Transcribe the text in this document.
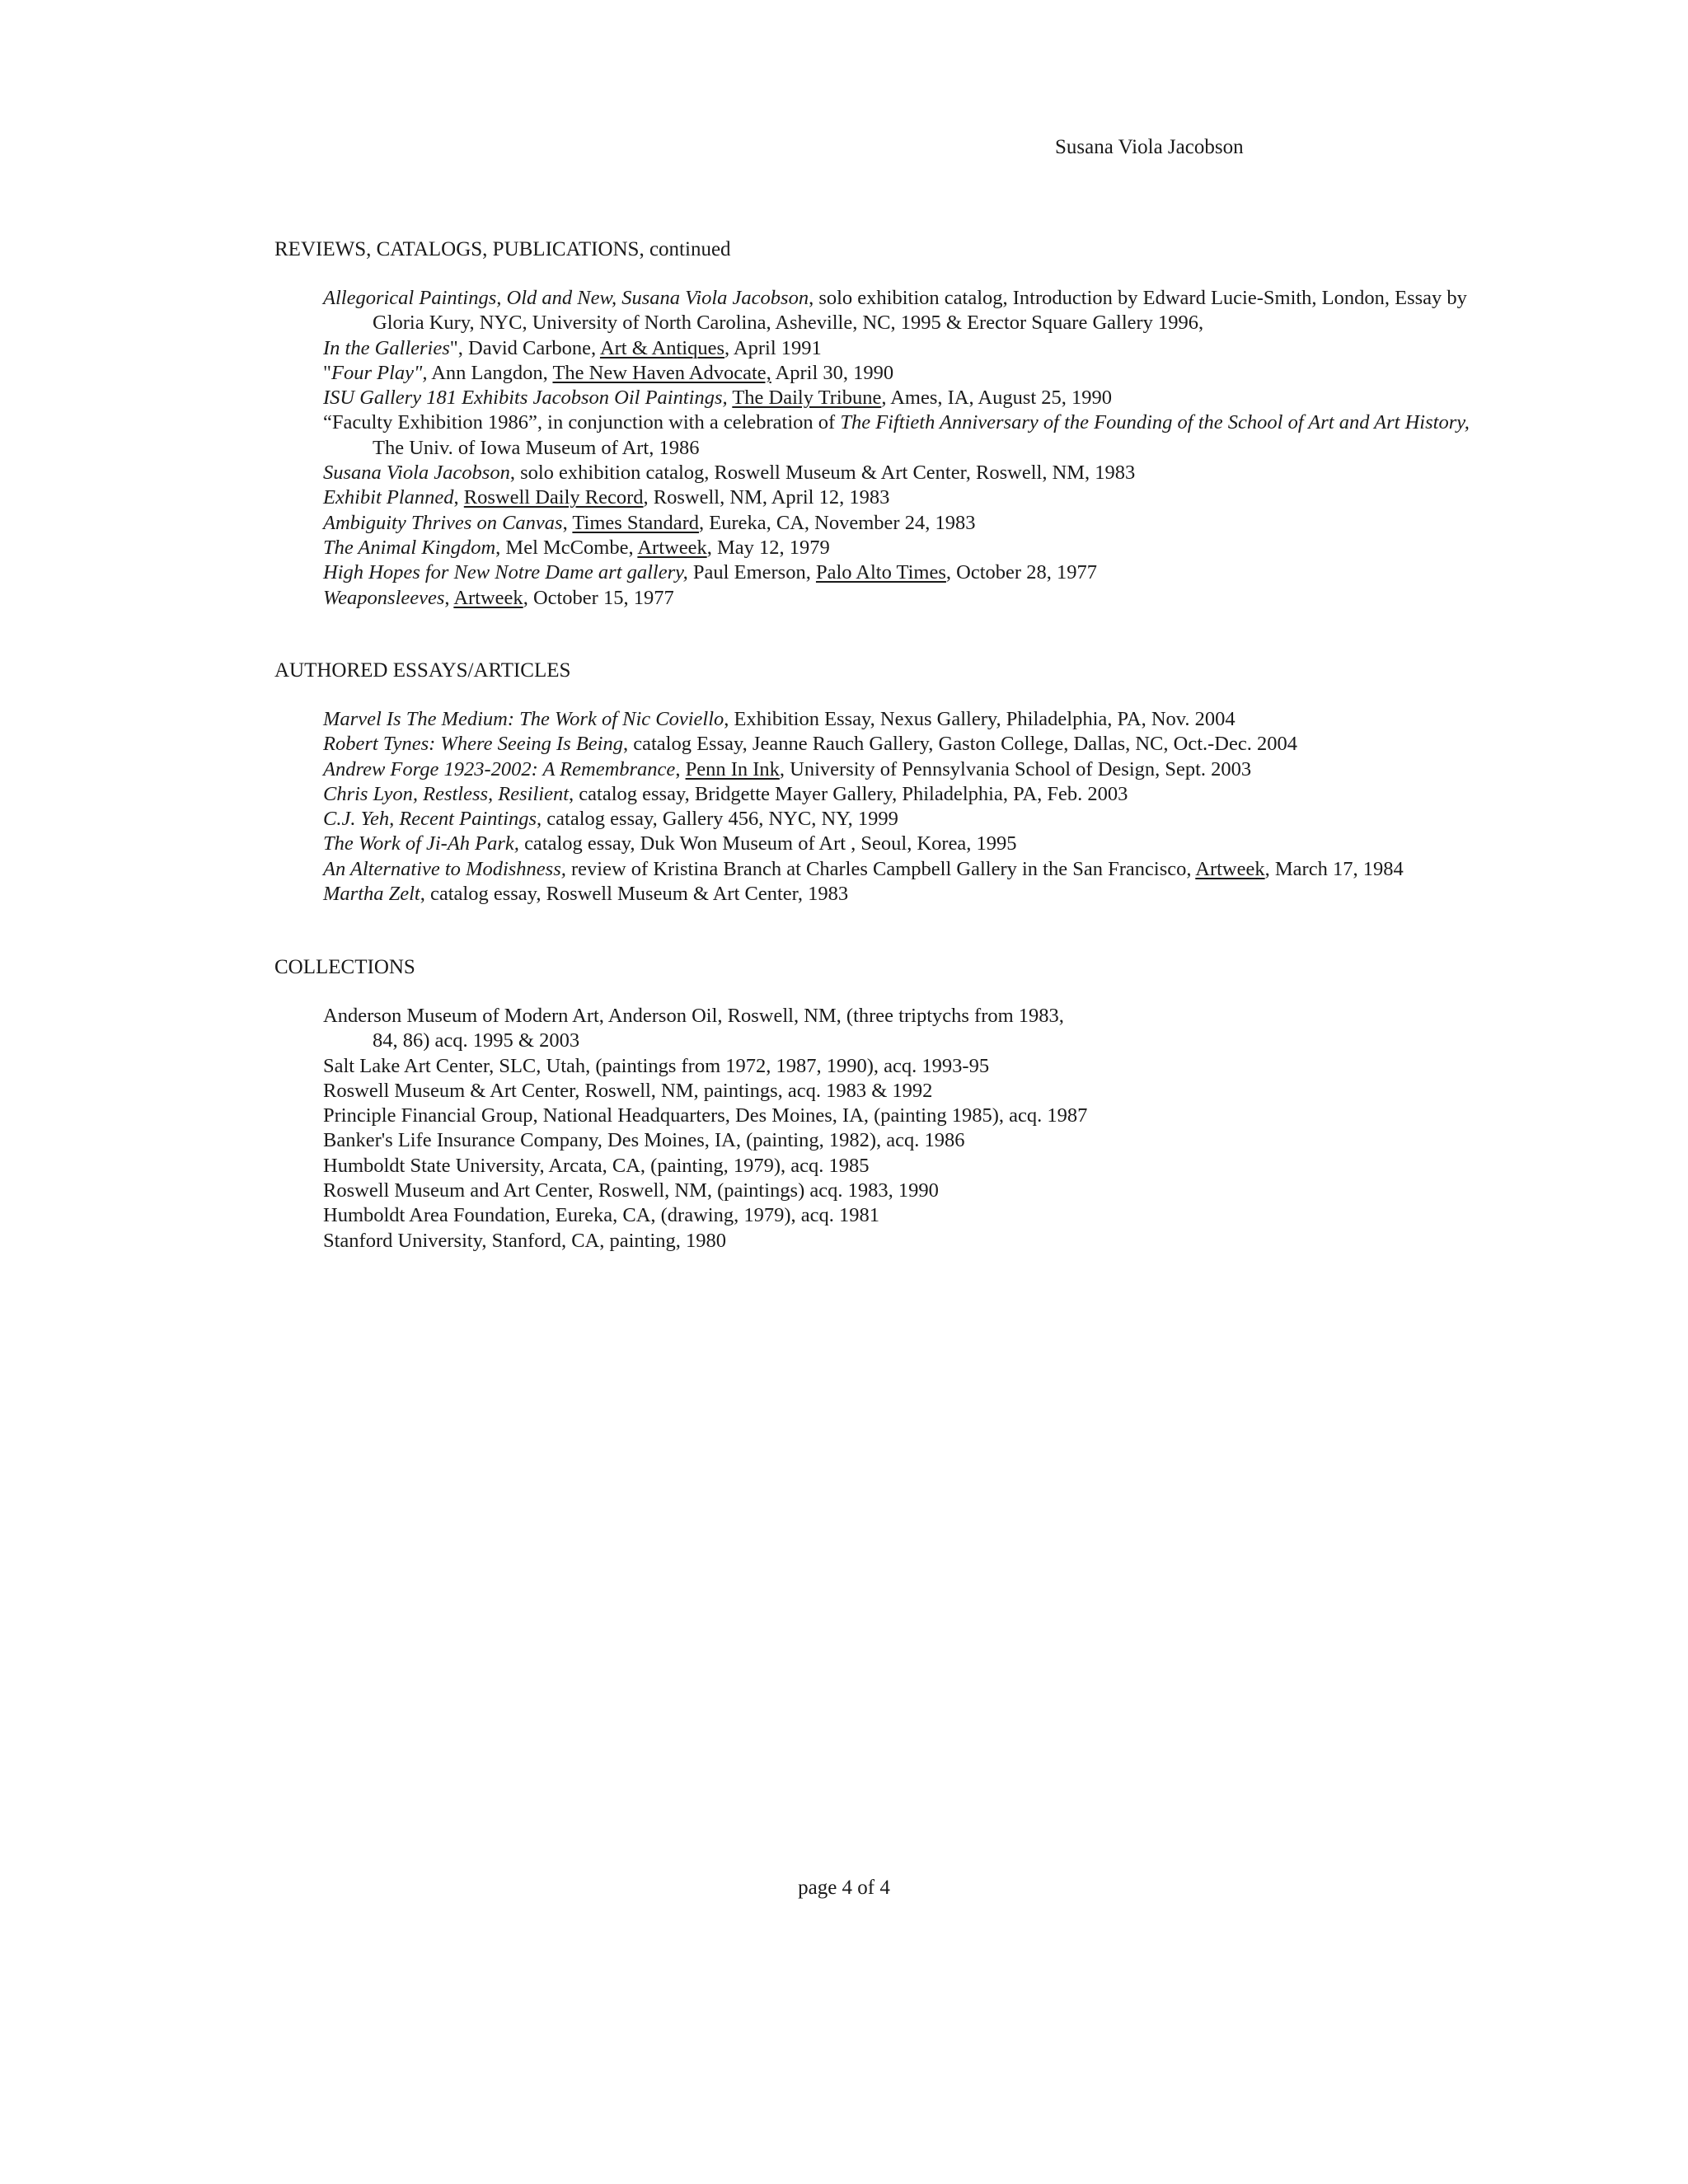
Susana Viola Jacobson
REVIEWS, CATALOGS, PUBLICATIONS, continued

Allegorical Paintings, Old and New, Susana Viola Jacobson, solo exhibition catalog, Introduction by Edward Lucie-Smith, London, Essay by Gloria Kury, NYC, University of North Carolina, Asheville, NC, 1995 & Erector Square Gallery 1996,

In the Galleries", David Carbone, Art & Antiques, April 1991

"Four Play", Ann Langdon, The New Haven Advocate, April 30, 1990

ISU Gallery 181 Exhibits Jacobson Oil Paintings, The Daily Tribune, Ames, IA, August 25, 1990

“Faculty Exhibition 1986”, in conjunction with a celebration of The Fiftieth Anniversary of the Founding of the School of Art and Art History, The Univ. of Iowa Museum of Art, 1986

Susana Viola Jacobson, solo exhibition catalog, Roswell Museum & Art Center, Roswell, NM, 1983

Exhibit Planned, Roswell Daily Record, Roswell, NM, April 12, 1983

Ambiguity Thrives on Canvas, Times Standard, Eureka, CA, November 24, 1983

The Animal Kingdom, Mel McCombe, Artweek, May 12, 1979

High Hopes for New Notre Dame art gallery, Paul Emerson, Palo Alto Times, October 28, 1977

Weaponsleeves, Artweek, October 15, 1977

AUTHORED ESSAYS/ARTICLES

Marvel Is The Medium: The Work of Nic Coviello, Exhibition Essay, Nexus Gallery, Philadelphia, PA, Nov. 2004

Robert Tynes: Where Seeing Is Being, catalog Essay, Jeanne Rauch Gallery, Gaston College, Dallas, NC, Oct.-Dec. 2004

Andrew Forge 1923-2002: A Remembrance, Penn In Ink, University of Pennsylvania School of Design, Sept. 2003

Chris Lyon, Restless, Resilient, catalog essay, Bridgette Mayer Gallery, Philadelphia, PA, Feb. 2003

C.J. Yeh, Recent Paintings, catalog essay, Gallery 456, NYC, NY, 1999

The Work of Ji-Ah Park, catalog essay, Duk Won Museum of Art , Seoul, Korea, 1995

An Alternative to Modishness, review of Kristina Branch at Charles Campbell Gallery in the San Francisco, Artweek, March 17, 1984

Martha Zelt, catalog essay, Roswell Museum & Art Center, 1983

COLLECTIONS

Anderson Museum of Modern Art, Anderson Oil, Roswell, NM, (three triptychs from 1983,

84, 86) acq. 1995 & 2003

Salt Lake Art Center, SLC, Utah, (paintings from 1972, 1987, 1990), acq. 1993-95

Roswell Museum & Art Center, Roswell, NM, paintings, acq. 1983 & 1992

Principle Financial Group, National Headquarters, Des Moines, IA, (painting 1985), acq. 1987

Banker's Life Insurance Company, Des Moines, IA, (painting, 1982), acq. 1986

Humboldt State University, Arcata, CA, (painting, 1979), acq. 1985

Roswell Museum and Art Center, Roswell, NM, (paintings) acq. 1983, 1990

Humboldt Area Foundation, Eureka, CA, (drawing, 1979), acq. 1981

Stanford University, Stanford, CA, painting, 1980

page 4 of 4
